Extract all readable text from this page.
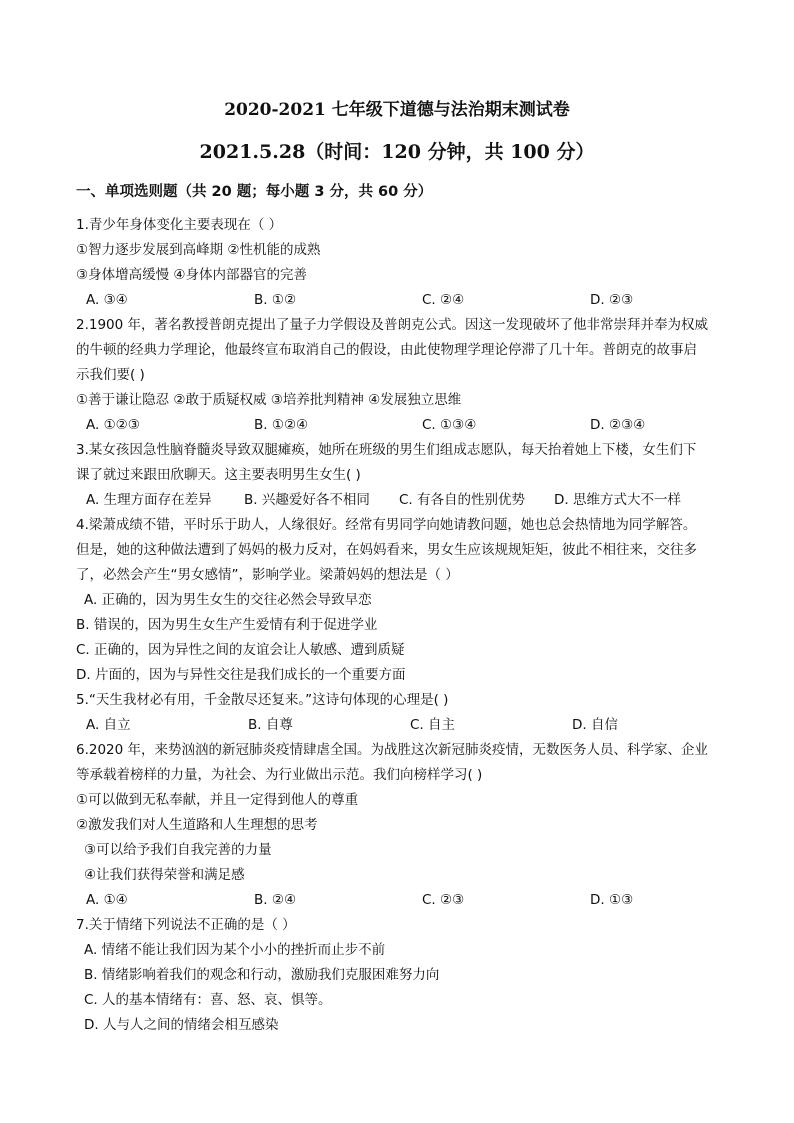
2020-2021 七年级下道德与法治期末测试卷
2021.5.28（时间：120 分钟，共 100 分）
一、单项选则题（共 20 题；每小题 3 分，共 60 分）
1.青少年身体变化主要表现在（ ）
①智力逐步发展到高峰期 ②性机能的成熟
③身体增高缓慢 ④身体内部器官的完善
A. ③④	B. ①②	C. ②④	D. ②③
2.1900 年，著名教授普朗克提出了量子力学假设及普朗克公式。因这一发现破坏了他非常崇拜并奉为权威
的牛顿的经典力学理论，他最终宣布取消自己的假设，由此使物理学理论停滞了几十年。普朗克的故事启
示我们要( )
①善于谦让隐忍 ②敢于质疑权威 ③培养批判精神 ④发展独立思维
A. ①②③	B. ①②④	C. ①③④	D. ②③④
3.某女孩因急性脑脊髓炎导致双腿瘫痪，她所在班级的男生们组成志愿队，每天抬着她上下楼，女生们下
课了就过来跟田欣聊天。这主要表明男生女生( )
A. 生理方面存在差异	B. 兴趣爱好各不相同	C. 有各自的性别优势	D. 思维方式大不一样
4.梁萧成绩不错，平时乐于助人，人缘很好。经常有男同学向她请教问题，她也总会热情地为同学解答。
但是，她的这种做法遭到了妈妈的极力反对，在妈妈看来，男女生应该规规矩矩，彼此不相往来，交往多
了，必然会产生“男女感情”，影响学业。梁萧妈妈的想法是（ ）
A. 正确的，因为男生女生的交往必然会导致早恋
B. 错误的，因为男生女生产生爱情有利于促进学业
C. 正确的，因为异性之间的友谊会让人敏感、遭到质疑
D. 片面的，因为与异性交往是我们成长的一个重要方面
5.“天生我材必有用，千金散尽还复来。”这诗句体现的心理是( )
A. 自立	B. 自尊	C. 自主	D. 自信
6.2020 年，来势汹汹的新冠肺炎疫情肆虐全国。为战胜这次新冠肺炎疫情，无数医务人员、科学家、企业
等承载着榜样的力量，为社会、为行业做出示范。我们向榜样学习( )
①可以做到无私奉献，并且一定得到他人的尊重
②激发我们对人生道路和人生理想的思考
③可以给予我们自我完善的力量
④让我们获得荣誉和满足感
A. ①④	B. ②④	C. ②③	D. ①③
7.关于情绪下列说法不正确的是（ ）
A. 情绪不能让我们因为某个小小的挫折而止步不前
B. 情绪影响着我们的观念和行动，激励我们克服困难努力向
C. 人的基本情绪有：喜、怒、哀、惧等。
D. 人与人之间的情绪会相互感染
